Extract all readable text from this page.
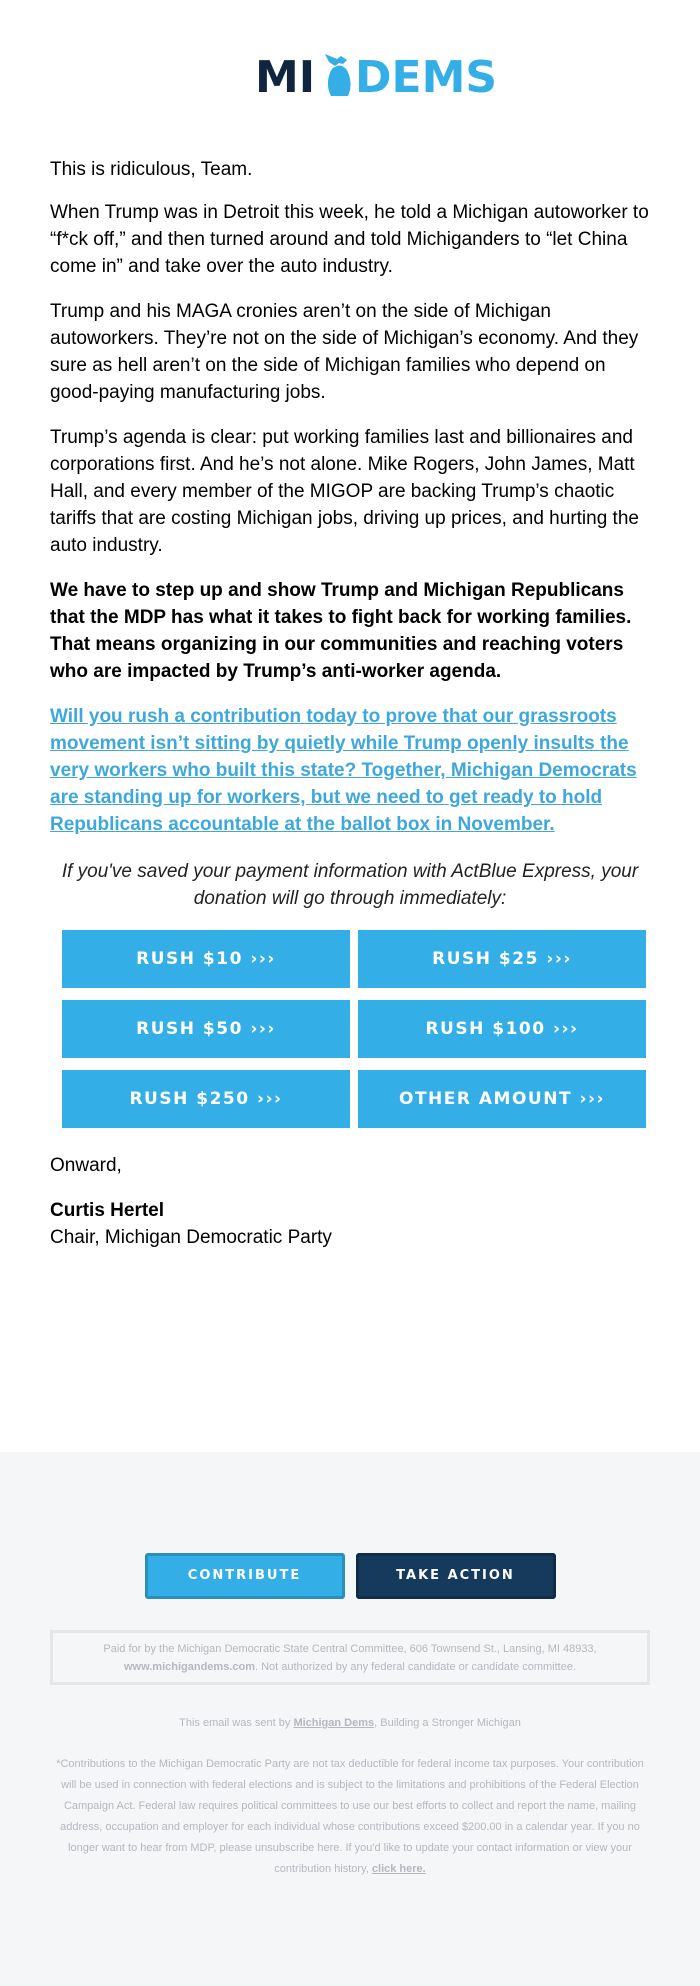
MI DEMS

This is ridiculous, Team.

When Trump was in Detroit this week, he told a Michigan autoworker to “f*ck off,” and then turned around and told Michiganders to “let China come in” and take over the auto industry.

Trump and his MAGA cronies aren’t on the side of Michigan autoworkers. They’re not on the side of Michigan’s economy. And they sure as hell aren’t on the side of Michigan families who depend on good-paying manufacturing jobs.

Trump’s agenda is clear: put working families last and billionaires and corporations first. And he’s not alone. Mike Rogers, John James, Matt Hall, and every member of the MIGOP are backing Trump’s chaotic tariffs that are costing Michigan jobs, driving up prices, and hurting the auto industry.

We have to step up and show Trump and Michigan Republicans that the MDP has what it takes to fight back for working families. That means organizing in our communities and reaching voters who are impacted by Trump’s anti-worker agenda.

Will you rush a contribution today to prove that our grassroots movement isn’t sitting by quietly while Trump openly insults the very workers who built this state? Together, Michigan Democrats are standing up for workers, but we need to get ready to hold Republicans accountable at the ballot box in November.

If you've saved your payment information with ActBlue Express, your donation will go through immediately:

RUSH $10 ›››	RUSH $25 ›››
RUSH $50 ›››	RUSH $100 ›››
RUSH $250 ›››	OTHER AMOUNT ›››

Onward,

Curtis Hertel

Chair, Michigan Democratic Party

CONTRIBUTE	TAKE ACTION
Paid for by the Michigan Democratic State Central Committee, 606 Townsend St., Lansing, MI 48933,
www.michigandems.com. Not authorized by any federal candidate or candidate committee.
This email was sent by Michigan Dems, Building a Stronger Michigan
*Contributions to the Michigan Democratic Party are not tax deductible for federal income tax purposes. Your contribution will be used in connection with federal elections and is subject to the limitations and prohibitions of the Federal Election Campaign Act. Federal law requires political committees to use our best efforts to collect and report the name, mailing address, occupation and employer for each individual whose contributions exceed $200.00 in a calendar year. If you no longer want to hear from MDP, please unsubscribe here. If you'd like to update your contact information or view your contribution history, click here.
